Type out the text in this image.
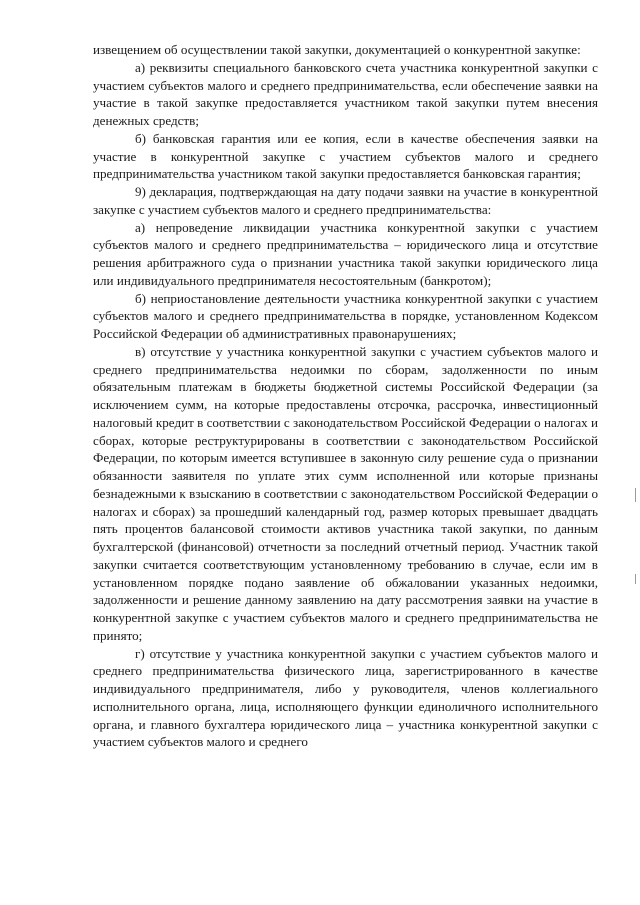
извещением об осуществлении такой закупки, документацией о конкурентной закупке:

а) реквизиты специального банковского счета участника конкурентной закупки с участием субъектов малого и среднего предпринимательства, если обеспечение заявки на участие в такой закупке предоставляется участником такой закупки путем внесения денежных средств;

б) банковская гарантия или ее копия, если в качестве обеспечения заявки на участие в конкурентной закупке с участием субъектов малого и среднего предпринимательства участником такой закупки предоставляется банковская гарантия;

9) декларация, подтверждающая на дату подачи заявки на участие в конкурентной закупке с участием субъектов малого и среднего предпринимательства:

а) непроведение ликвидации участника конкурентной закупки с участием субъектов малого и среднего предпринимательства – юридического лица и отсутствие решения арбитражного суда о признании участника такой закупки юридического лица или индивидуального предпринимателя несостоятельным (банкротом);

б) неприостановление деятельности участника конкурентной закупки с участием субъектов малого и среднего предпринимательства в порядке, установленном Кодексом Российской Федерации об административных правонарушениях;

в) отсутствие у участника конкурентной закупки с участием субъектов малого и среднего предпринимательства недоимки по сборам, задолженности по иным обязательным платежам в бюджеты бюджетной системы Российской Федерации (за исключением сумм, на которые предоставлены отсрочка, рассрочка, инвестиционный налоговый кредит в соответствии с законодательством Российской Федерации о налогах и сборах, которые реструктурированы в соответствии с законодательством Российской Федерации, по которым имеется вступившее в законную силу решение суда о признании обязанности заявителя по уплате этих сумм исполненной или которые признаны безнадежными к взысканию в соответствии с законодательством Российской Федерации о налогах и сборах) за прошедший календарный год, размер которых превышает двадцать пять процентов балансовой стоимости активов участника такой закупки, по данным бухгалтерской (финансовой) отчетности за последний отчетный период. Участник такой закупки считается соответствующим установленному требованию в случае, если им в установленном порядке подано заявление об обжаловании указанных недоимки, задолженности и решение данному заявлению на дату рассмотрения заявки на участие в конкурентной закупке с участием субъектов малого и среднего предпринимательства не принято;

г) отсутствие у участника конкурентной закупки с участием субъектов малого и среднего предпринимательства физического лица, зарегистрированного в качестве индивидуального предпринимателя, либо у руководителя, членов коллегиального исполнительного органа, лица, исполняющего функции единоличного исполнительного органа, и главного бухгалтера юридического лица – участника конкурентной закупки с участием субъектов малого и среднего
